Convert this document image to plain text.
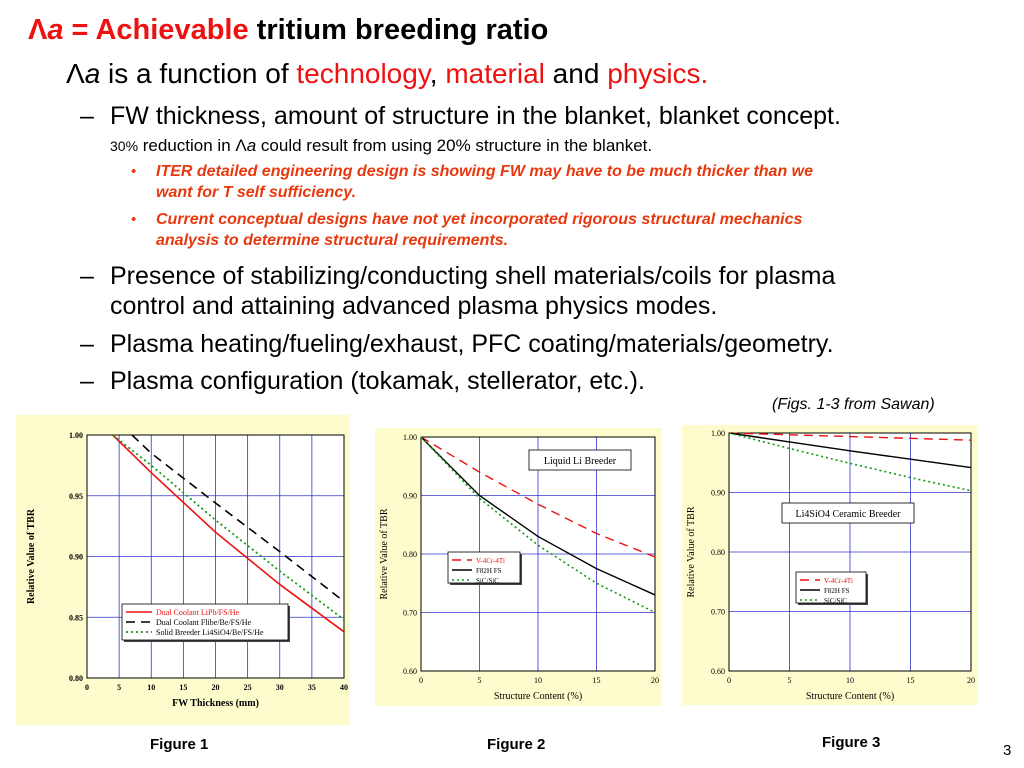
Λa = Achievable tritium breeding ratio
Λa is a function of technology, material and physics.
– FW thickness, amount of structure in the blanket, blanket concept.
30% reduction in Λa could result from using 20% structure in the blanket.
• ITER detailed engineering design is showing FW may have to be much thicker than we
want for T self sufficiency.
• Current conceptual designs have not yet incorporated rigorous structural mechanics
analysis to determine structural requirements.
– Presence of stabilizing/conducting shell materials/coils for plasma
control and attaining advanced plasma physics modes.
– Plasma heating/fueling/exhaust, PFC coating/materials/geometry.
– Plasma configuration (tokamak, stellerator, etc.).
(Figs. 1-3 from Sawan)
0	5	10	15	20	25	30	35	40
0.80
0.85
0.90
0.95
1.00
FW Thickness (mm)
Relative Value of TBR
Dual Coolant LiPb/FS/He
Dual Coolant Flibe/Be/FS/He
Solid Breeder Li4SiO4/Be/FS/He
0	5	10	15	20
0.60
0.70
0.80
0.90
1.00
Structure Content (%)
Relative Value of TBR	V-4Cr-4Ti
F82H FS
SiC/SiC
Liquid Li Breeder
0	5	10	15	20
0.60
0.70
0.80
0.90
1.00
Structure Content (%)
Relative Value of TBR	V-4Cr-4Ti
F82H FS
SiC/SiC
Li4SiO4 Ceramic Breeder
Figure 1	Figure 2	Figure 3	3
